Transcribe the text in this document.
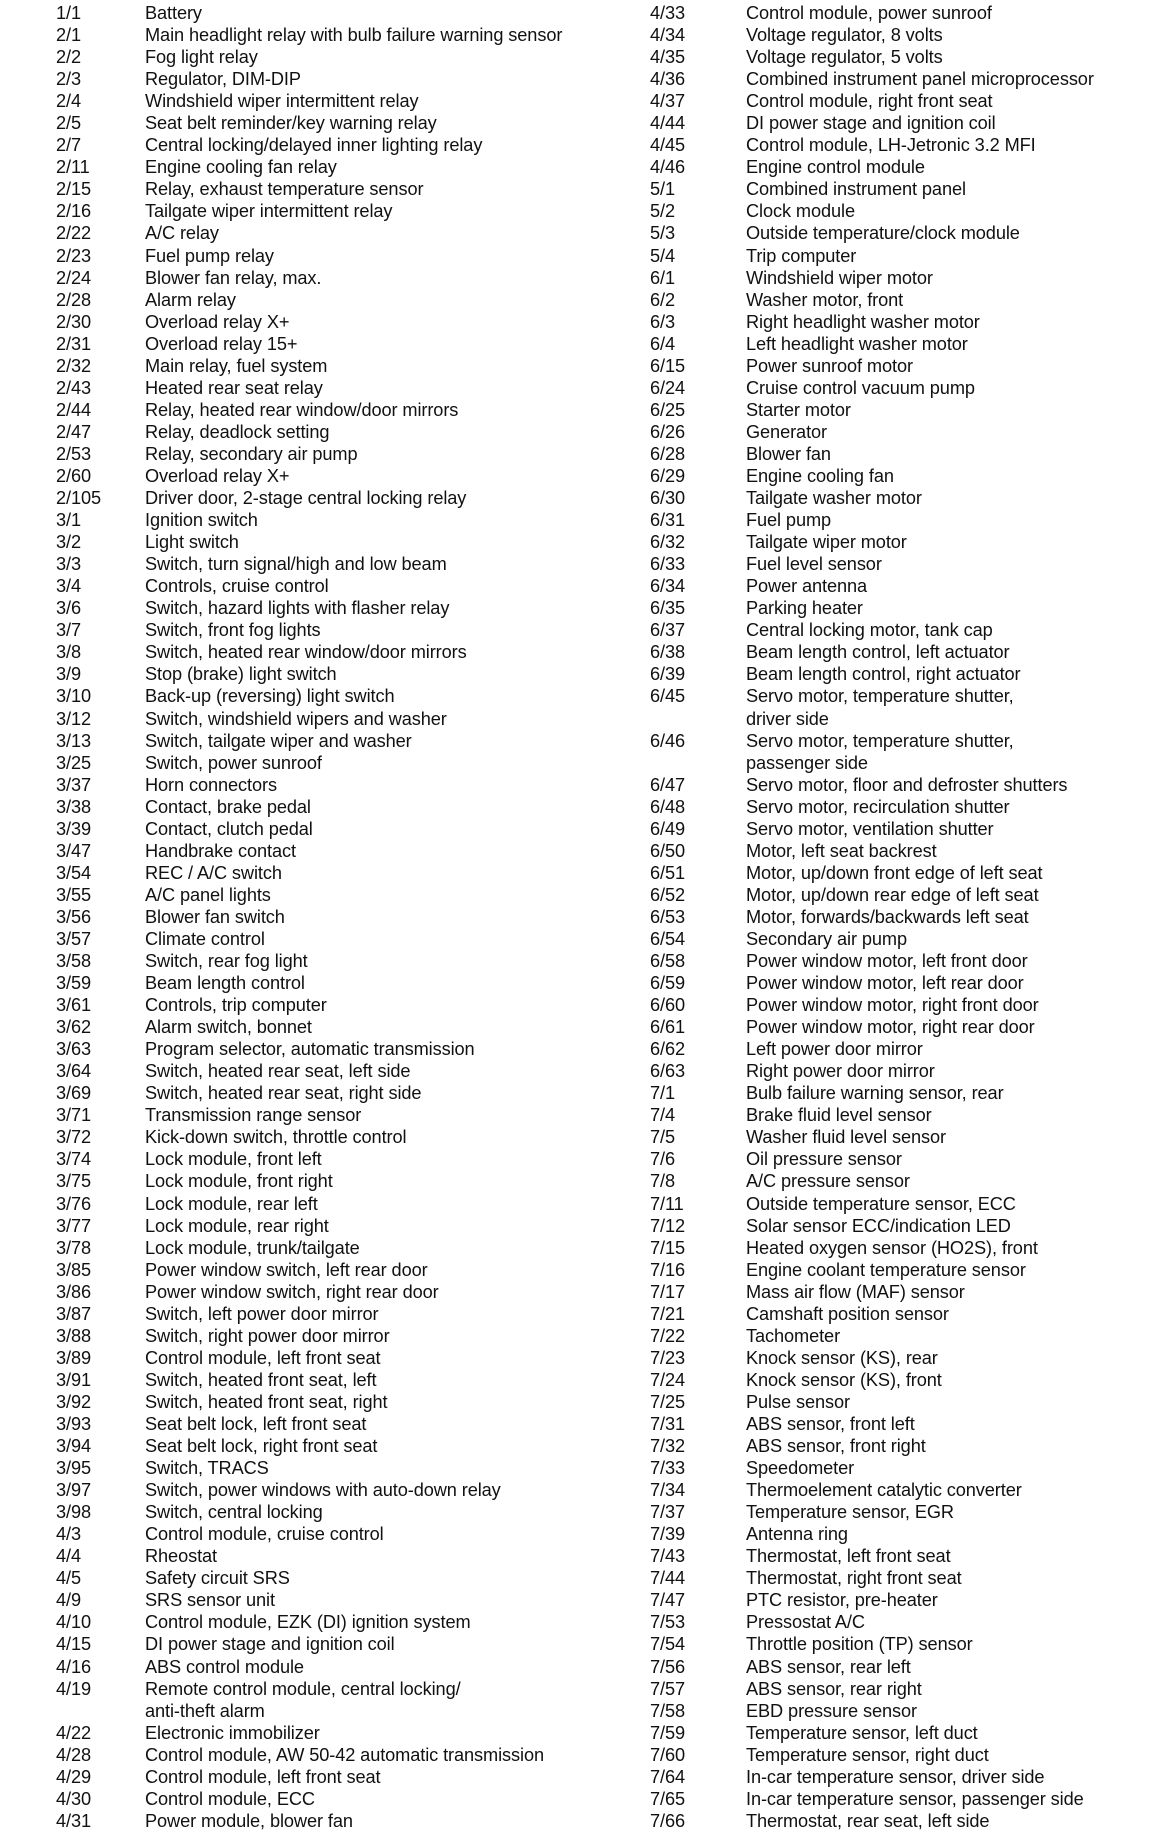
1/1	Battery
2/1	Main headlight relay with bulb failure warning sensor
2/2	Fog light relay
2/3	Regulator, DIM-DIP
2/4	Windshield wiper intermittent relay
2/5	Seat belt reminder/key warning relay
2/7	Central locking/delayed inner lighting relay
2/11	Engine cooling fan relay
2/15	Relay, exhaust temperature sensor
2/16	Tailgate wiper intermittent relay
2/22	A/C relay
2/23	Fuel pump relay
2/24	Blower fan relay, max.
2/28	Alarm relay
2/30	Overload relay X+
2/31	Overload relay 15+
2/32	Main relay, fuel system
2/43	Heated rear seat relay
2/44	Relay, heated rear window/door mirrors
2/47	Relay, deadlock setting
2/53	Relay, secondary air pump
2/60	Overload relay X+
2/105	Driver door, 2-stage central locking relay
3/1	Ignition switch
3/2	Light switch
3/3	Switch, turn signal/high and low beam
3/4	Controls, cruise control
3/6	Switch, hazard lights with flasher relay
3/7	Switch, front fog lights
3/8	Switch, heated rear window/door mirrors
3/9	Stop (brake) light switch
3/10	Back-up (reversing) light switch
3/12	Switch, windshield wipers and washer
3/13	Switch, tailgate wiper and washer
3/25	Switch, power sunroof
3/37	Horn connectors
3/38	Contact, brake pedal
3/39	Contact, clutch pedal
3/47	Handbrake contact
3/54	REC / A/C switch
3/55	A/C panel lights
3/56	Blower fan switch
3/57	Climate control
3/58	Switch, rear fog light
3/59	Beam length control
3/61	Controls, trip computer
3/62	Alarm switch, bonnet
3/63	Program selector, automatic transmission
3/64	Switch, heated rear seat, left side
3/69	Switch, heated rear seat, right side
3/71	Transmission range sensor
3/72	Kick-down switch, throttle control
3/74	Lock module, front left
3/75	Lock module, front right
3/76	Lock module, rear left
3/77	Lock module, rear right
3/78	Lock module, trunk/tailgate
3/85	Power window switch, left rear door
3/86	Power window switch, right rear door
3/87	Switch, left power door mirror
3/88	Switch, right power door mirror
3/89	Control module, left front seat
3/91	Switch, heated front seat, left
3/92	Switch, heated front seat, right
3/93	Seat belt lock, left front seat
3/94	Seat belt lock, right front seat
3/95	Switch, TRACS
3/97	Switch, power windows with auto-down relay
3/98	Switch, central locking
4/3	Control module, cruise control
4/4	Rheostat
4/5	Safety circuit SRS
4/9	SRS sensor unit
4/10	Control module, EZK (DI) ignition system
4/15	DI power stage and ignition coil
4/16	ABS control module
4/19	Remote control module, central locking/
anti-theft alarm
4/22	Electronic immobilizer
4/28	Control module, AW 50-42 automatic transmission
4/29	Control module, left front seat
4/30	Control module, ECC
4/31	Power module, blower fan
4/33	Control module, power sunroof
4/34	Voltage regulator, 8 volts
4/35	Voltage regulator, 5 volts
4/36	Combined instrument panel microprocessor
4/37	Control module, right front seat
4/44	DI power stage and ignition coil
4/45	Control module, LH-Jetronic 3.2 MFI
4/46	Engine control module
5/1	Combined instrument panel
5/2	Clock module
5/3	Outside temperature/clock module
5/4	Trip computer
6/1	Windshield wiper motor
6/2	Washer motor, front
6/3	Right headlight washer motor
6/4	Left headlight washer motor
6/15	Power sunroof motor
6/24	Cruise control vacuum pump
6/25	Starter motor
6/26	Generator
6/28	Blower fan
6/29	Engine cooling fan
6/30	Tailgate washer motor
6/31	Fuel pump
6/32	Tailgate wiper motor
6/33	Fuel level sensor
6/34	Power antenna
6/35	Parking heater
6/37	Central locking motor, tank cap
6/38	Beam length control, left actuator
6/39	Beam length control, right actuator
6/45	Servo motor, temperature shutter,
driver side
6/46	Servo motor, temperature shutter,
passenger side
6/47	Servo motor, floor and defroster shutters
6/48	Servo motor, recirculation shutter
6/49	Servo motor, ventilation shutter
6/50	Motor, left seat backrest
6/51	Motor, up/down front edge of left seat
6/52	Motor, up/down rear edge of left seat
6/53	Motor, forwards/backwards left seat
6/54	Secondary air pump
6/58	Power window motor, left front door
6/59	Power window motor, left rear door
6/60	Power window motor, right front door
6/61	Power window motor, right rear door
6/62	Left power door mirror
6/63	Right power door mirror
7/1	Bulb failure warning sensor, rear
7/4	Brake fluid level sensor
7/5	Washer fluid level sensor
7/6	Oil pressure sensor
7/8	A/C pressure sensor
7/11	Outside temperature sensor, ECC
7/12	Solar sensor ECC/indication LED
7/15	Heated oxygen sensor (HO2S), front
7/16	Engine coolant temperature sensor
7/17	Mass air flow (MAF) sensor
7/21	Camshaft position sensor
7/22	Tachometer
7/23	Knock sensor (KS), rear
7/24	Knock sensor (KS), front
7/25	Pulse sensor
7/31	ABS sensor, front left
7/32	ABS sensor, front right
7/33	Speedometer
7/34	Thermoelement catalytic converter
7/37	Temperature sensor, EGR
7/39	Antenna ring
7/43	Thermostat, left front seat
7/44	Thermostat, right front seat
7/47	PTC resistor, pre-heater
7/53	Pressostat A/C
7/54	Throttle position (TP) sensor
7/56	ABS sensor, rear left
7/57	ABS sensor, rear right
7/58	EBD pressure sensor
7/59	Temperature sensor, left duct
7/60	Temperature sensor, right duct
7/64	In-car temperature sensor, driver side
7/65	In-car temperature sensor, passenger side
7/66	Thermostat, rear seat, left side
